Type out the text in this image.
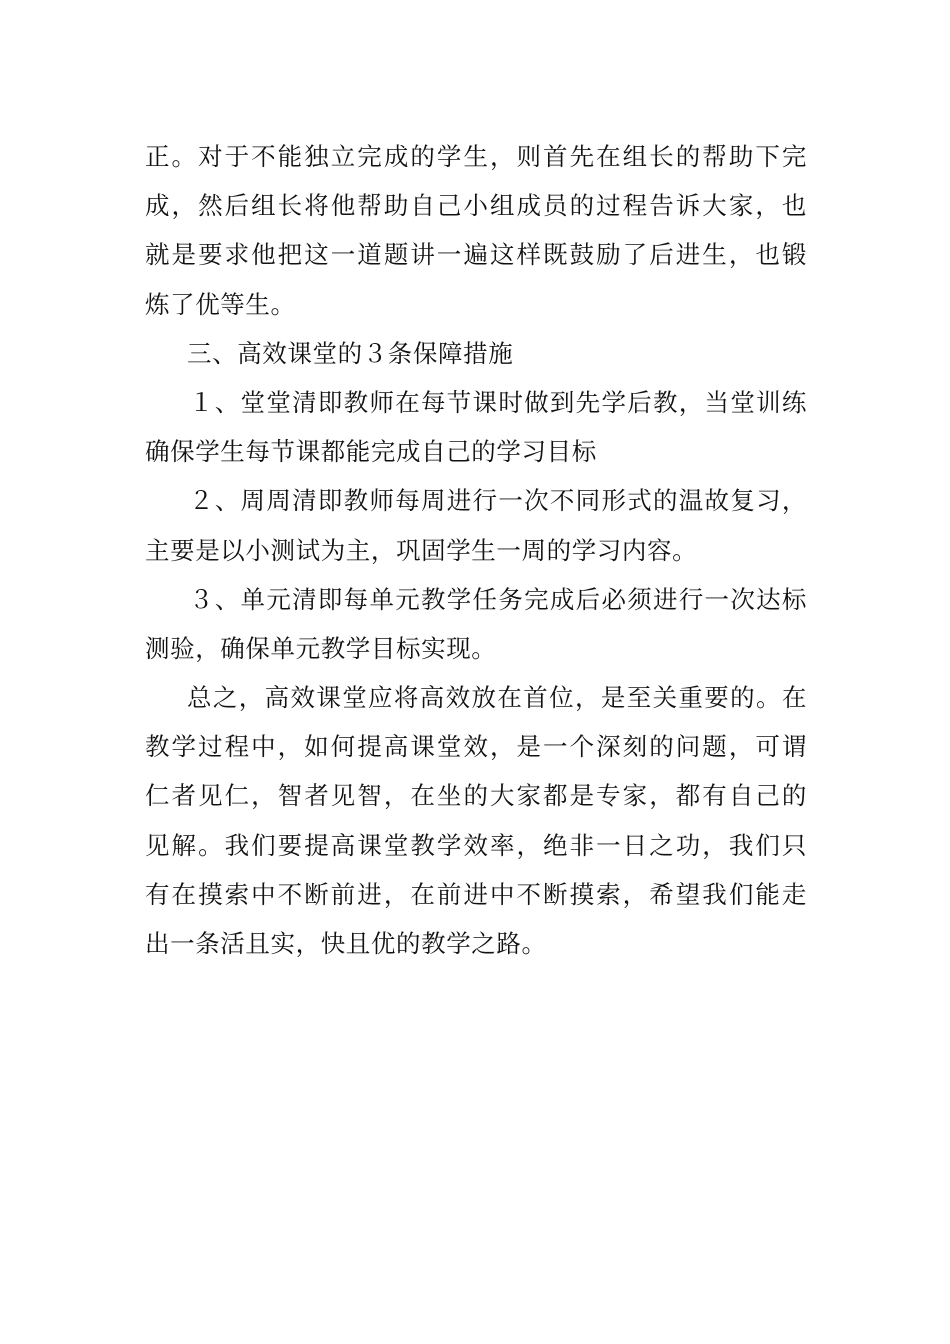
正。对于不能独立完成的学生，则首先在组长的帮助下完
成，然后组长将他帮助自己小组成员的过程告诉大家，也
就是要求他把这一道题讲一遍这样既鼓励了后进生，也锻
炼了优等生。
三、高效课堂的３条保障措施
１、堂堂清即教师在每节课时做到先学后教，当堂训练
确保学生每节课都能完成自己的学习目标
２、周周清即教师每周进行一次不同形式的温故复习，
主要是以小测试为主，巩固学生一周的学习内容。
３、单元清即每单元教学任务完成后必须进行一次达标
测验，确保单元教学目标实现。
总之，高效课堂应将高效放在首位，是至关重要的。在
教学过程中，如何提高课堂效，是一个深刻的问题，可谓
仁者见仁，智者见智，在坐的大家都是专家，都有自己的
见解。我们要提高课堂教学效率，绝非一日之功，我们只
有在摸索中不断前进，在前进中不断摸索，希望我们能走
出一条活且实，快且优的教学之路。
